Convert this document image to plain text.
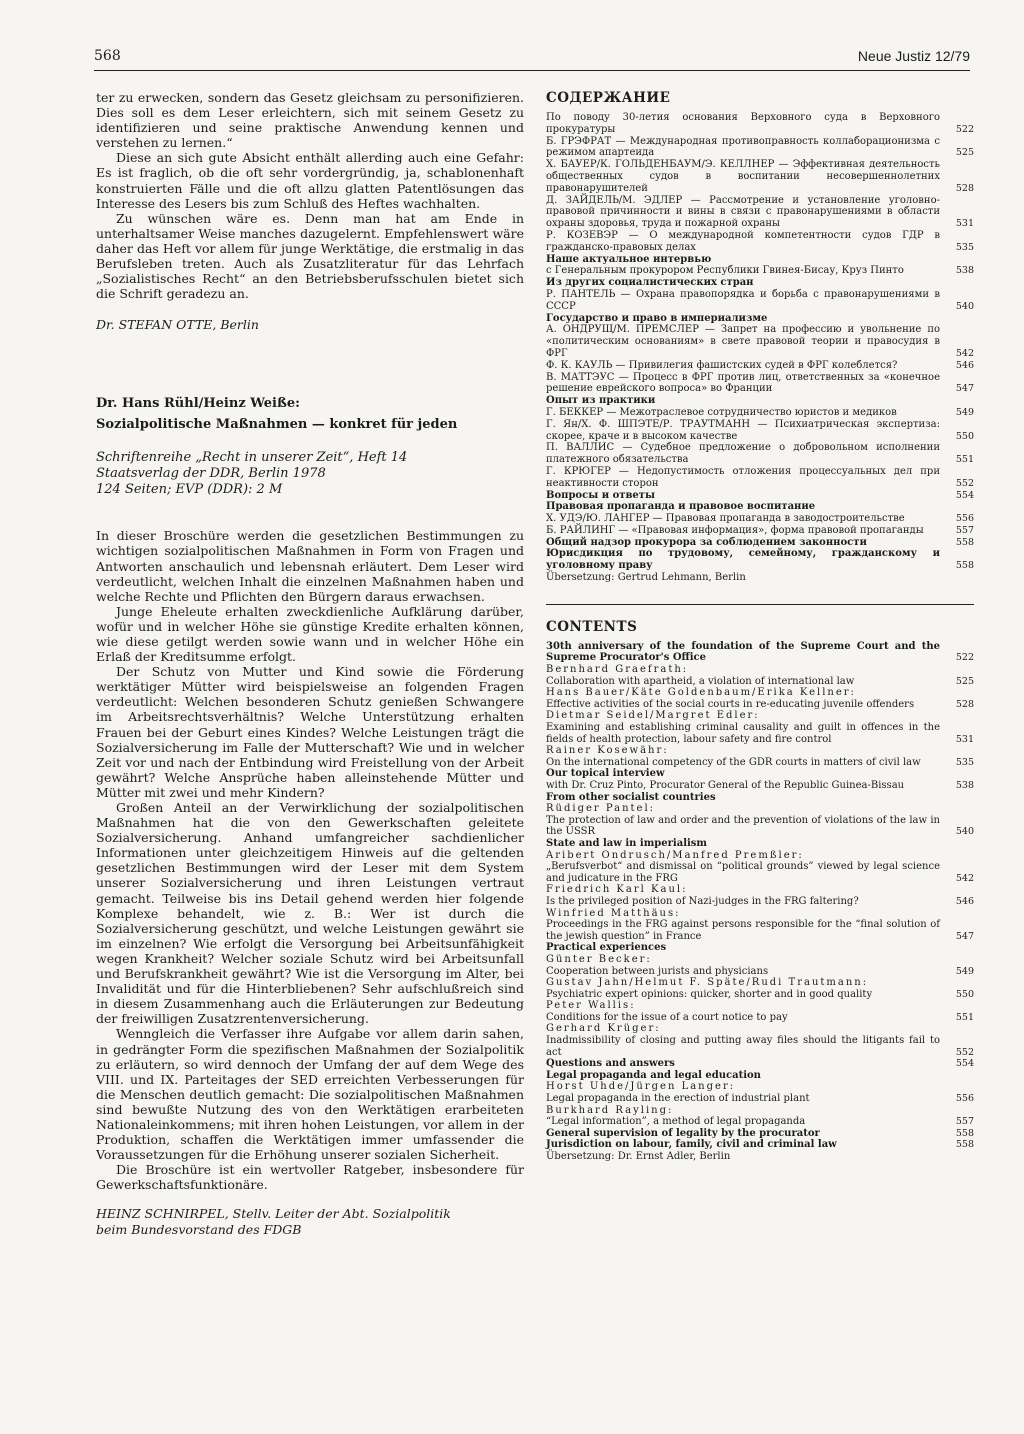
568	Neue Justiz 12/79

ter zu erwecken, sondern das Gesetz gleichsam zu personifizieren. Dies soll es dem Leser erleichtern, sich mit seinem Gesetz zu identifizieren und seine praktische Anwendung kennen und verstehen zu lernen.“

Diese an sich gute Absicht enthält allerding auch eine Gefahr: Es ist fraglich, ob die oft sehr vordergründig, ja, schablonenhaft konstruierten Fälle und die oft allzu glatten Patentlösungen das Interesse des Lesers bis zum Schluß des Heftes wachhalten.

Zu wünschen wäre es. Denn man hat am Ende in unterhaltsamer Weise manches dazugelernt. Empfehlenswert wäre daher das Heft vor allem für junge Werktätige, die erstmalig in das Berufsleben treten. Auch als Zusatzliteratur für das Lehrfach „Sozialistisches Recht“ an den Betriebsberufsschulen bietet sich die Schrift geradezu an.

Dr. STEFAN OTTE, Berlin
Dr. Hans Rühl/Heinz Weiße:
Sozialpolitische Maßnahmen — konkret für jeden
Schriftenreihe „Recht in unserer Zeit“, Heft 14
Staatsverlag der DDR, Berlin 1978
124 Seiten; EVP (DDR): 2 M

In dieser Broschüre werden die gesetzlichen Bestimmungen zu wichtigen sozialpolitischen Maßnahmen in Form von Fragen und Antworten anschaulich und lebensnah erläutert. Dem Leser wird verdeutlicht, welchen Inhalt die einzelnen Maßnahmen haben und welche Rechte und Pflichten den Bürgern daraus erwachsen.

Junge Eheleute erhalten zweckdienliche Aufklärung darüber, wofür und in welcher Höhe sie günstige Kredite erhalten können, wie diese getilgt werden sowie wann und in welcher Höhe ein Erlaß der Kreditsumme erfolgt.

Der Schutz von Mutter und Kind sowie die Förderung werktätiger Mütter wird beispielsweise an folgenden Fragen verdeutlicht: Welchen besonderen Schutz genießen Schwangere im Arbeitsrechtsverhältnis? Welche Unterstützung erhalten Frauen bei der Geburt eines Kindes? Welche Leistungen trägt die Sozialversicherung im Falle der Mutterschaft? Wie und in welcher Zeit vor und nach der Entbindung wird Freistellung von der Arbeit gewährt? Welche Ansprüche haben alleinstehende Mütter und Mütter mit zwei und mehr Kindern?

Großen Anteil an der Verwirklichung der sozialpolitischen Maßnahmen hat die von den Gewerkschaften geleitete Sozialversicherung. Anhand umfangreicher sachdienlicher Informationen unter gleichzeitigem Hinweis auf die geltenden gesetzlichen Bestimmungen wird der Leser mit dem System unserer Sozialversicherung und ihren Leistungen vertraut gemacht. Teilweise bis ins Detail gehend werden hier folgende Komplexe behandelt, wie z. B.: Wer ist durch die Sozialversicherung geschützt, und welche Leistungen gewährt sie im einzelnen? Wie erfolgt die Versorgung bei Arbeitsunfähigkeit wegen Krankheit? Welcher soziale Schutz wird bei Arbeitsunfall und Berufskrankheit gewährt? Wie ist die Versorgung im Alter, bei Invalidität und für die Hinterbliebenen? Sehr aufschlußreich sind in diesem Zusammenhang auch die Erläuterungen zur Bedeutung der freiwilligen Zusatzrentenversicherung.

Wenngleich die Verfasser ihre Aufgabe vor allem darin sahen, in gedrängter Form die spezifischen Maßnahmen der Sozialpolitik zu erläutern, so wird dennoch der Umfang der auf dem Wege des VIII. und IX. Parteitages der SED erreichten Verbesserungen für die Menschen deutlich gemacht: Die sozialpolitischen Maßnahmen sind bewußte Nutzung des von den Werktätigen erarbeiteten Nationaleinkommens; mit ihren hohen Leistungen, vor allem in der Produktion, schaffen die Werktätigen immer umfassender die Voraussetzungen für die Erhöhung unserer sozialen Sicherheit.

Die Broschüre ist ein wertvoller Ratgeber, insbesondere für Gewerkschaftsfunktionäre.

HEINZ SCHNIRPEL, Stellv. Leiter der Abt. Sozialpolitik
beim Bundesvorstand des FDGB
СОДЕРЖАНИЕ
По поводу 30-летия основания Верховного суда в Верховного прокуратуры	522
Б. ГРЭФРАТ — Международная противоправность коллаборационизма с режимом апартеида	525
Х. БАУЕР/К. ГОЛЬДЕНБАУМ/Э. КЕЛЛНЕР — Эффективная деятельность общественных судов в воспитании несовершеннолетних правонарушителей	528
Д. ЗАЙДЕЛЬ/М. ЭДЛЕР — Рассмотрение и установление уголовно-правовой причинности и вины в связи с правонарушениями в области охраны здоровья, труда и пожарной охраны	531
Р. КОЗЕВЭР — О международной компетентности судов ГДР в гражданско-правовых делах	535
Наше актуальное интервью
с Генеральным прокурором Республики Гвинея-Бисау, Круз Пинто	538
Из других социалистических стран
Р. ПАНТЕЛЬ — Охрана правопорядка и борьба с правонарушениями в СССР	540
Государство и право в империализме
А. ОНДРУЩ/М. ПРЕМСЛЕР — Запрет на профессию и увольнение по «политическим основаниям» в свете правовой теории и правосудия в ФРГ	542
Ф. К. КАУЛЬ — Привилегия фашистских судей в ФРГ колеблется?	546
В. МАТТЭУС — Процесс в ФРГ против лиц, ответственных за «конечное решение еврейского вопроса» во Франции	547
Опыт из практики
Г. БЕККЕР — Межотраслевое сотрудничество юристов и медиков	549
Г. Ян/Х. Ф. ШПЭТЕ/Р. ТРАУТМАНН — Психиатрическая экспертиза: скорее, краче и в высоком качестве	550
П. ВАЛЛИС — Судебное предложение о добровольном исполнении платежного обязательства	551
Г. КРЮГЕР — Недопустимость отложения процессуальных дел при неактивности сторон	552
Вопросы и ответы	554
Правовая пропаганда и правовое воспитание
Х. УДЭ/Ю. ЛАНГЕР — Правовая пропаганда в заводостроительстве	556
Б. РАЙЛИНГ — «Правовая информация», форма правовой пропаганды	557
Общий надзор прокурора за соблюдением законности	558
Юрисдикция по трудовому, семейному, гражданскому и уголовному праву	558
Übersetzung: Gertrud Lehmann, Berlin
CONTENTS
30th anniversary of the foundation of the Supreme Court and the Supreme Procurator's Office	522
Bernhard Graefrath:
Collaboration with apartheid, a violation of international law	525
Hans Bauer/Käte Goldenbaum/Erika Kellner:
Effective activities of the social courts in re-educating juvenile offenders	528
Dietmar Seidel/Margret Edler:
Examining and establishing criminal causality and guilt in offences in the fields of health protection, labour safety and fire control	531
Rainer Kosewähr:
On the international competency of the GDR courts in matters of civil law	535
Our topical interview
with Dr. Cruz Pinto, Procurator General of the Republic Guinea-Bissau	538
From other socialist countries
Rüdiger Pantel:
The protection of law and order and the prevention of violations of the law in the USSR	540
State and law in imperialism
Aribert Ondrusch/Manfred Premßler:
„Berufsverbot“ and dismissal on “political grounds” viewed by legal science and judicature in the FRG	542
Friedrich Karl Kaul:
Is the privileged position of Nazi-judges in the FRG faltering?	546
Winfried Matthäus:
Proceedings in the FRG against persons responsible for the “final solution of the jewish question” in France	547
Practical experiences
Günter Becker:
Cooperation between jurists and physicians	549
Gustav Jahn/Helmut F. Späte/Rudi Trautmann:
Psychiatric expert opinions: quicker, shorter and in good quality	550
Peter Wallis:
Conditions for the issue of a court notice to pay	551
Gerhard Krüger:
Inadmissibility of closing and putting away files should the litigants fail to act	552
Questions and answers	554
Legal propaganda and legal education
Horst Uhde/Jürgen Langer:
Legal propaganda in the erection of industrial plant	556
Burkhard Rayling:
“Legal information”, a method of legal propaganda	557
General supervision of legality by the procurator	558
Jurisdiction on labour, family, civil and criminal law	558
Übersetzung: Dr. Ernst Adler, Berlin
